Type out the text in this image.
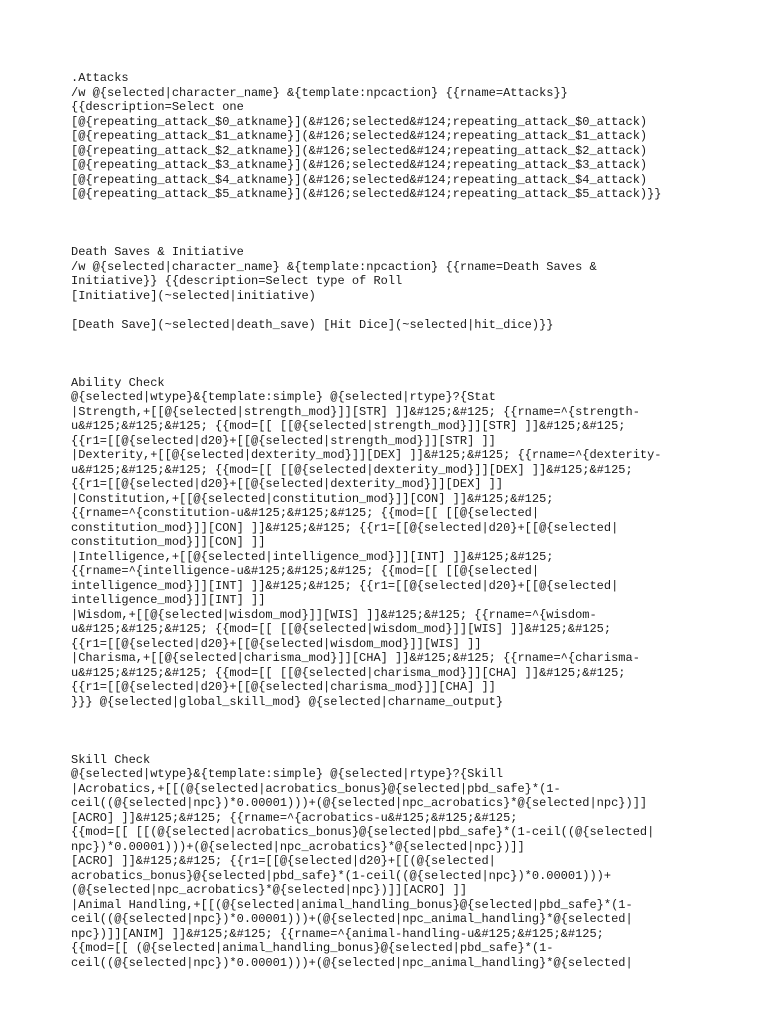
.Attacks
/w @{selected|character_name} &{template:npcaction} {{rname=Attacks}}
{{description=Select one
[@{repeating_attack_$0_atkname}](&#126;selected&#124;repeating_attack_$0_attack)
[@{repeating_attack_$1_atkname}](&#126;selected&#124;repeating_attack_$1_attack)
[@{repeating_attack_$2_atkname}](&#126;selected&#124;repeating_attack_$2_attack)
[@{repeating_attack_$3_atkname}](&#126;selected&#124;repeating_attack_$3_attack)
[@{repeating_attack_$4_atkname}](&#126;selected&#124;repeating_attack_$4_attack)
[@{repeating_attack_$5_atkname}](&#126;selected&#124;repeating_attack_$5_attack)}}
Death Saves & Initiative
/w @{selected|character_name} &{template:npcaction} {{rname=Death Saves &
Initiative}} {{description=Select type of Roll
[Initiative](~selected|initiative)
[Death Save](~selected|death_save) [Hit Dice](~selected|hit_dice)}}
Ability Check
@{selected|wtype}&{template:simple} @{selected|rtype}?{Stat
|Strength,+[[@{selected|strength_mod}]][STR] ]]&#125;&#125; {{rname=^{strength-
u&#125;&#125;&#125; {{mod=[[ [[@{selected|strength_mod}]][STR] ]]&#125;&#125;
{{r1=[[@{selected|d20}+[[@{selected|strength_mod}]][STR] ]]
|Dexterity,+[[@{selected|dexterity_mod}]][DEX] ]]&#125;&#125; {{rname=^{dexterity-
u&#125;&#125;&#125; {{mod=[[ [[@{selected|dexterity_mod}]][DEX] ]]&#125;&#125;
{{r1=[[@{selected|d20}+[[@{selected|dexterity_mod}]][DEX] ]]
|Constitution,+[[@{selected|constitution_mod}]][CON] ]]&#125;&#125;
{{rname=^{constitution-u&#125;&#125;&#125; {{mod=[[ [[@{selected|
constitution_mod}]][CON] ]]&#125;&#125; {{r1=[[@{selected|d20}+[[@{selected|
constitution_mod}]][CON] ]]
|Intelligence,+[[@{selected|intelligence_mod}]][INT] ]]&#125;&#125;
{{rname=^{intelligence-u&#125;&#125;&#125; {{mod=[[ [[@{selected|
intelligence_mod}]][INT] ]]&#125;&#125; {{r1=[[@{selected|d20}+[[@{selected|
intelligence_mod}]][INT] ]]
|Wisdom,+[[@{selected|wisdom_mod}]][WIS] ]]&#125;&#125; {{rname=^{wisdom-
u&#125;&#125;&#125; {{mod=[[ [[@{selected|wisdom_mod}]][WIS] ]]&#125;&#125;
{{r1=[[@{selected|d20}+[[@{selected|wisdom_mod}]][WIS] ]]
|Charisma,+[[@{selected|charisma_mod}]][CHA] ]]&#125;&#125; {{rname=^{charisma-
u&#125;&#125;&#125; {{mod=[[ [[@{selected|charisma_mod}]][CHA] ]]&#125;&#125;
{{r1=[[@{selected|d20}+[[@{selected|charisma_mod}]][CHA] ]]
}}} @{selected|global_skill_mod} @{selected|charname_output}
Skill Check
@{selected|wtype}&{template:simple} @{selected|rtype}?{Skill
|Acrobatics,+[[(@{selected|acrobatics_bonus}@{selected|pbd_safe}*(1-
ceil((@{selected|npc})*0.00001)))+(@{selected|npc_acrobatics}*@{selected|npc})]]
[ACRO] ]]&#125;&#125; {{rname=^{acrobatics-u&#125;&#125;&#125;
{{mod=[[ [[(@{selected|acrobatics_bonus}@{selected|pbd_safe}*(1-ceil((@{selected|
npc})*0.00001)))+(@{selected|npc_acrobatics}*@{selected|npc})]]
[ACRO] ]]&#125;&#125; {{r1=[[@{selected|d20}+[[(@{selected|
acrobatics_bonus}@{selected|pbd_safe}*(1-ceil((@{selected|npc})*0.00001)))+
(@{selected|npc_acrobatics}*@{selected|npc})]][ACRO] ]]
|Animal Handling,+[[(@{selected|animal_handling_bonus}@{selected|pbd_safe}*(1-
ceil((@{selected|npc})*0.00001)))+(@{selected|npc_animal_handling}*@{selected|
npc})]][ANIM] ]]&#125;&#125; {{rname=^{animal-handling-u&#125;&#125;&#125;
{{mod=[[ (@{selected|animal_handling_bonus}@{selected|pbd_safe}*(1-
ceil((@{selected|npc})*0.00001)))+(@{selected|npc_animal_handling}*@{selected|
